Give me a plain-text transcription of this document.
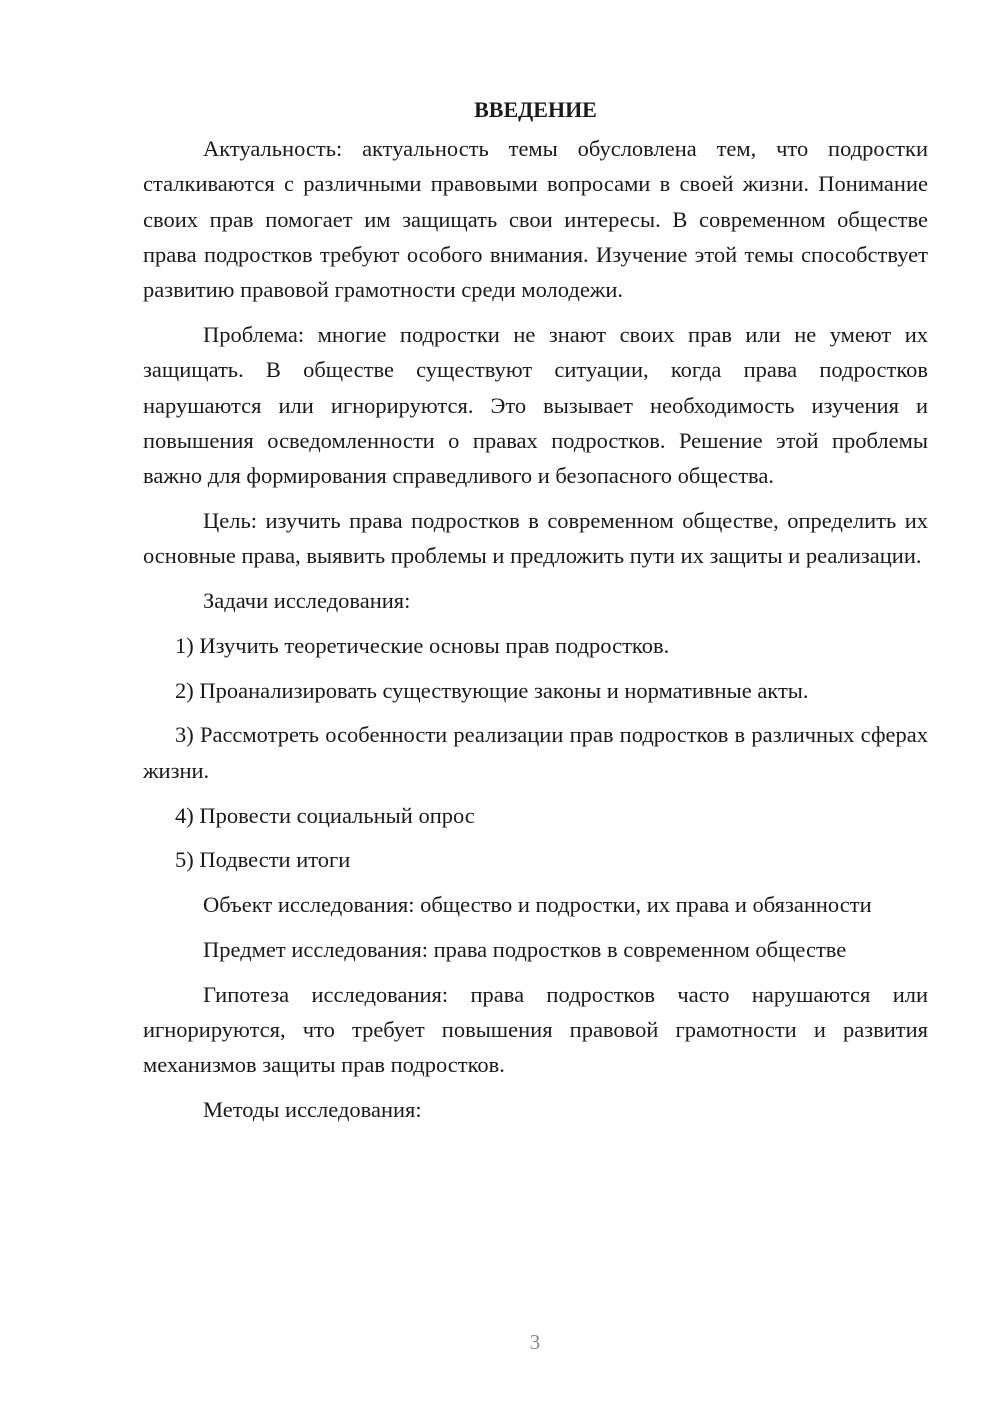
ВВЕДЕНИЕ

Актуальность: актуальность темы обусловлена тем, что подростки сталкиваются с различными правовыми вопросами в своей жизни. Понимание своих прав помогает им защищать свои интересы. В современном обществе права подростков требуют особого внимания. Изучение этой темы способствует развитию правовой грамотности среди молодежи.

Проблема: многие подростки не знают своих прав или не умеют их защищать. В обществе существуют ситуации, когда права подростков нарушаются или игнорируются. Это вызывает необходимость изучения и повышения осведомленности о правах подростков. Решение этой проблемы важно для формирования справедливого и безопасного общества.

Цель: изучить права подростков в современном обществе, определить их основные права, выявить проблемы и предложить пути их защиты и реализации.

Задачи исследования:

1) Изучить теоретические основы прав подростков.

2) Проанализировать существующие законы и нормативные акты.

3) Рассмотреть особенности реализации прав подростков в различных сферах жизни.

4) Провести социальный опрос

5) Подвести итоги

Объект исследования: общество и подростки, их права и обязанности

Предмет исследования: права подростков в современном обществе

Гипотеза исследования: права подростков часто нарушаются или игнорируются, что требует повышения правовой грамотности и развития механизмов защиты прав подростков.

Методы исследования:

3
